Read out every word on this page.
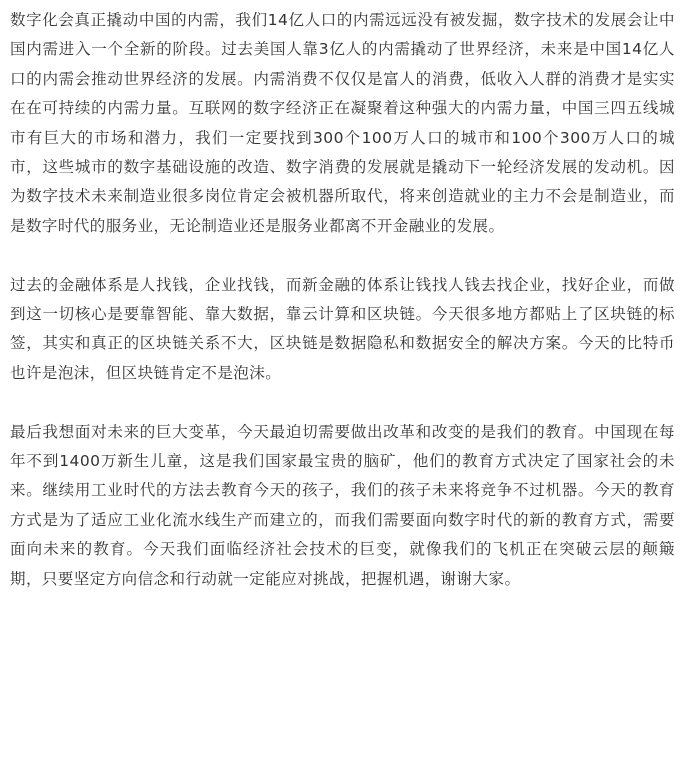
数字化会真正撬动中国的内需，我们14亿人口的内需远远没有被发掘，数字技术的发展会让中国内需进入一个全新的阶段。过去美国人靠3亿人的内需撬动了世界经济，未来是中国14亿人口的内需会推动世界经济的发展。内需消费不仅仅是富人的消费，低收入人群的消费才是实实在在可持续的内需力量。互联网的数字经济正在凝聚着这种强大的内需力量，中国三四五线城市有巨大的市场和潜力，我们一定要找到300个100万人口的城市和100个300万人口的城市，这些城市的数字基础设施的改造、数字消费的发展就是撬动下一轮经济发展的发动机。因为数字技术未来制造业很多岗位肯定会被机器所取代，将来创造就业的主力不会是制造业，而是数字时代的服务业，无论制造业还是服务业都离不开金融业的发展。

过去的金融体系是人找钱，企业找钱，而新金融的体系让钱找人钱去找企业，找好企业，而做到这一切核心是要靠智能、靠大数据，靠云计算和区块链。今天很多地方都贴上了区块链的标签，其实和真正的区块链关系不大，区块链是数据隐私和数据安全的解决方案。今天的比特币也许是泡沫，但区块链肯定不是泡沫。

最后我想面对未来的巨大变革，今天最迫切需要做出改革和改变的是我们的教育。中国现在每年不到1400万新生儿童，这是我们国家最宝贵的脑矿，他们的教育方式决定了国家社会的未来。继续用工业时代的方法去教育今天的孩子，我们的孩子未来将竞争不过机器。今天的教育方式是为了适应工业化流水线生产而建立的，而我们需要面向数字时代的新的教育方式，需要面向未来的教育。今天我们面临经济社会技术的巨变，就像我们的飞机正在突破云层的颠簸期，只要坚定方向信念和行动就一定能应对挑战，把握机遇，谢谢大家。
